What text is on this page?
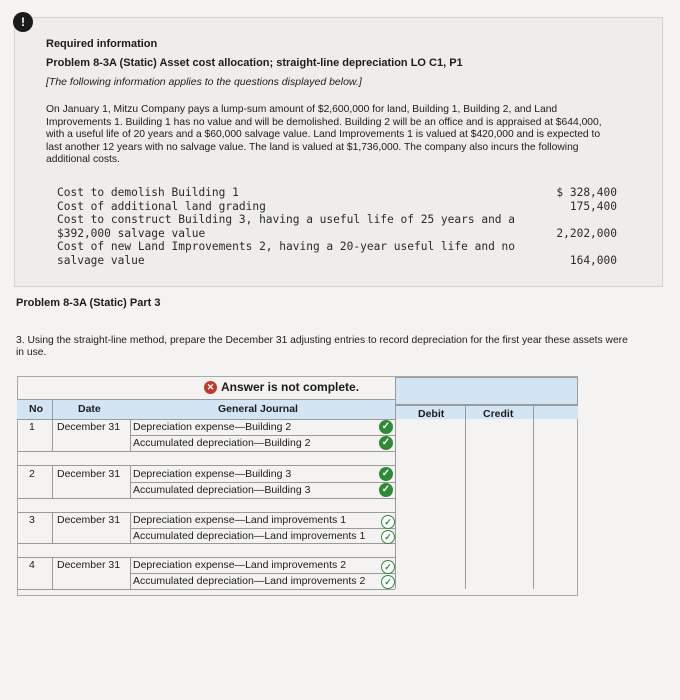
!
Required information
Problem 8-3A (Static) Asset cost allocation; straight-line depreciation LO C1, P1
[The following information applies to the questions displayed below.]
On January 1, Mitzu Company pays a lump-sum amount of $2,600,000 for land, Building 1, Building 2, and Land Improvements 1. Building 1 has no value and will be demolished. Building 2 will be an office and is appraised at $644,000, with a useful life of 20 years and a $60,000 salvage value. Land Improvements 1 is valued at $420,000 and is expected to last another 12 years with no salvage value. The land is valued at $1,736,000. The company also incurs the following additional costs.
Cost to demolish Building 1	$ 328,400
Cost of additional land grading	175,400
Cost to construct Building 3, having a useful life of 25 years and a $392,000 salvage value	2,202,000
Cost of new Land Improvements 2, having a 20-year useful life and no salvage value	164,000
Problem 8-3A (Static) Part 3
3. Using the straight-line method, prepare the December 31 adjusting entries to record depreciation for the first year these assets were in use.
✕ Answer is not complete.
No	Date	General Journal	Debit	Credit
1 December 31 Depreciation expense—Building 2
Accumulated depreciation—Building 2
✓
✓
2 December 31 Depreciation expense—Building 3
Accumulated depreciation—Building 3
✓
✓
3 December 31 Depreciation expense—Land improvements 1
Accumulated depreciation—Land improvements 1
✓
✓
4 December 31 Depreciation expense—Land improvements 2
Accumulated depreciation—Land improvements 2
✓
✓
